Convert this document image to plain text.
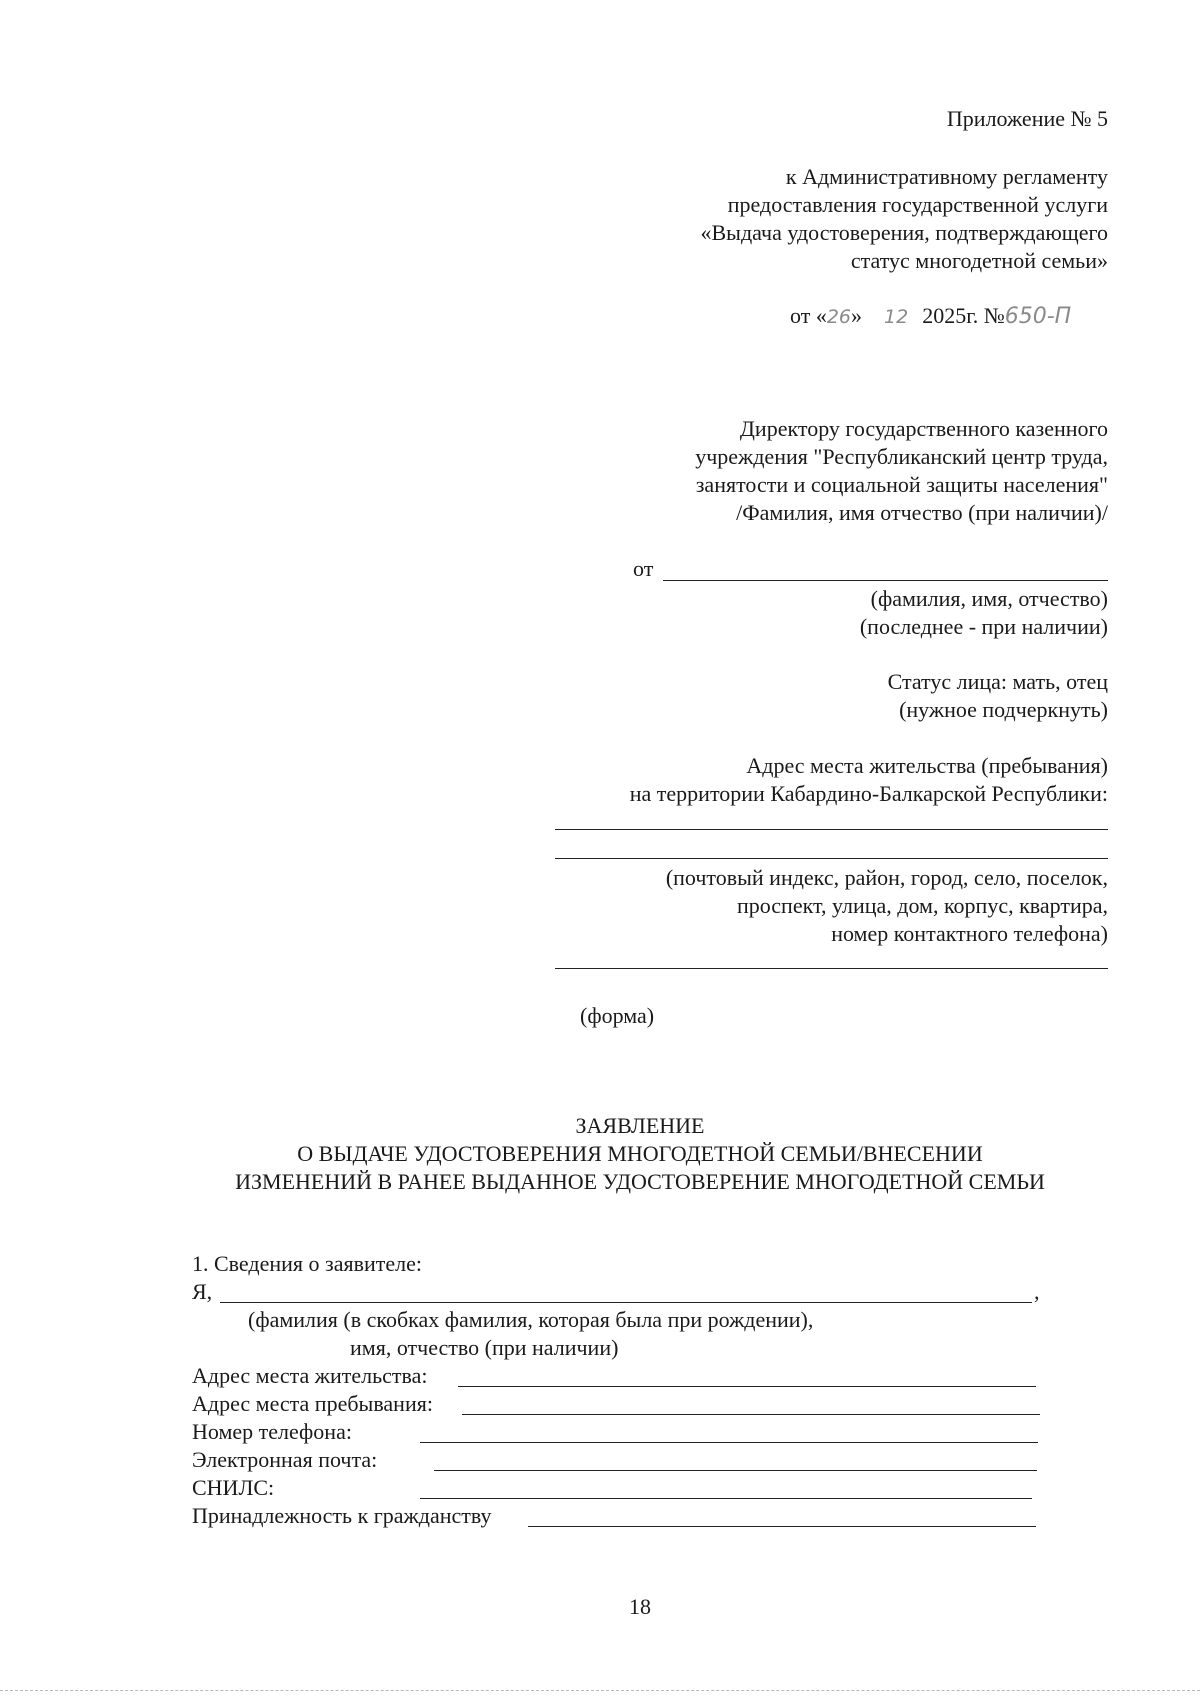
Приложение № 5
к Административному регламенту
предоставления государственной услуги
«Выдача удостоверения, подтверждающего
статус многодетной семьи»
от «26» 12 2025г. №650-П
Директору государственного казенного
учреждения "Республиканский центр труда,
занятости и социальной защиты населения"
/Фамилия, имя отчество (при наличии)/
от
(фамилия, имя, отчество)
(последнее - при наличии)
Статус лица: мать, отец
(нужное подчеркнуть)
Адрес места жительства (пребывания)
на территории Кабардино-Балкарской Республики:
(почтовый индекс, район, город, село, поселок,
проспект, улица, дом, корпус, квартира,
номер контактного телефона)
(форма)
ЗАЯВЛЕНИЕ
О ВЫДАЧЕ УДОСТОВЕРЕНИЯ МНОГОДЕТНОЙ СЕМЬИ/ВНЕСЕНИИ
ИЗМЕНЕНИЙ В РАНЕЕ ВЫДАННОЕ УДОСТОВЕРЕНИЕ МНОГОДЕТНОЙ СЕМЬИ
1. Сведения о заявителе:
Я,	,
(фамилия (в скобках фамилия, которая была при рождении),
имя, отчество (при наличии)
Адрес места жительства:
Адрес места пребывания:
Номер телефона:
Электронная почта:
СНИЛС:
Принадлежность к гражданству
18
